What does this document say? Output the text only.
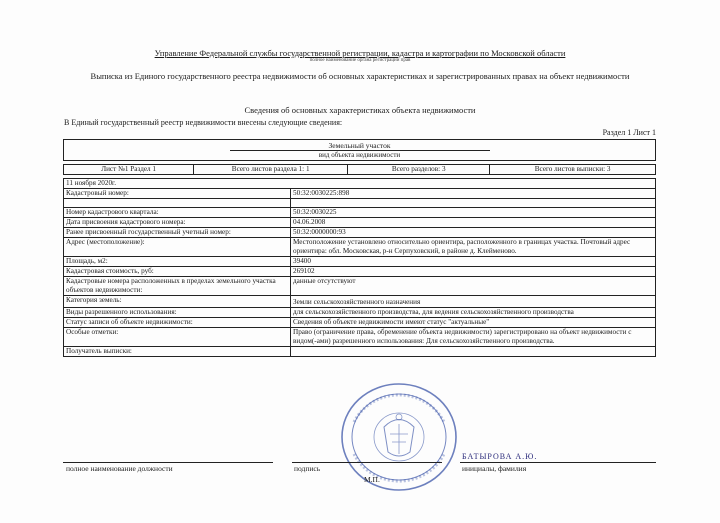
Управление Федеральной службы государственной регистрации, кадастра и картографии по Московской области
полное наименование органа регистрации прав
Выписка из Единого государственного реестра недвижимости об основных характеристиках и зарегистрированных правах на объект недвижимости
Сведения об основных характеристиках объекта недвижимости
В Единый государственный реестр недвижимости внесены следующие сведения:
Раздел 1 Лист 1
Земельный участок
вид объекта недвижимости
Лист №1 Раздел 1	Всего листов раздела 1: 1	Всего разделов: 3	Всего листов выписки: 3
11 ноября 2020г.
Кадастровый номер:	50:32:0030225:898

Номер кадастрового квартала:	50:32:0030225
Дата присвоения кадастрового номера:	04.06.2008
Ранее присвоенный государственный учетный номер:	50:32:0000000:93
Адрес (местоположение):	Местоположение установлено относительно ориентира, расположенного в границах участка. Почтовый адрес ориентира: обл. Московская, р-н Серпуховский, в районе д. Клейменово.
Площадь, м2:	39400
Кадастровая стоимость, руб:	269102
Кадастровые номера расположенных в пределах земельного участка объектов недвижимости:	данные отсутствуют
Категория земель:	Земли сельскохозяйственного назначения
Виды разрешенного использования:	для сельскохозяйственного производства, для ведения сельскохозяйственного производства
Статус записи об объекте недвижимости:	Сведения об объекте недвижимости имеют статус "актуальные"
Особые отметки:	Право (ограничение права, обременение объекта недвижимости) зарегистрировано на объект недвижимости с видом(-ами) разрешенного использования: Для сельскохозяйственного производства.
Получатель выписки:	
полное наименование должности	подпись
БАТЫРОВА А.Ю.
инициалы, фамилия
М.П.
